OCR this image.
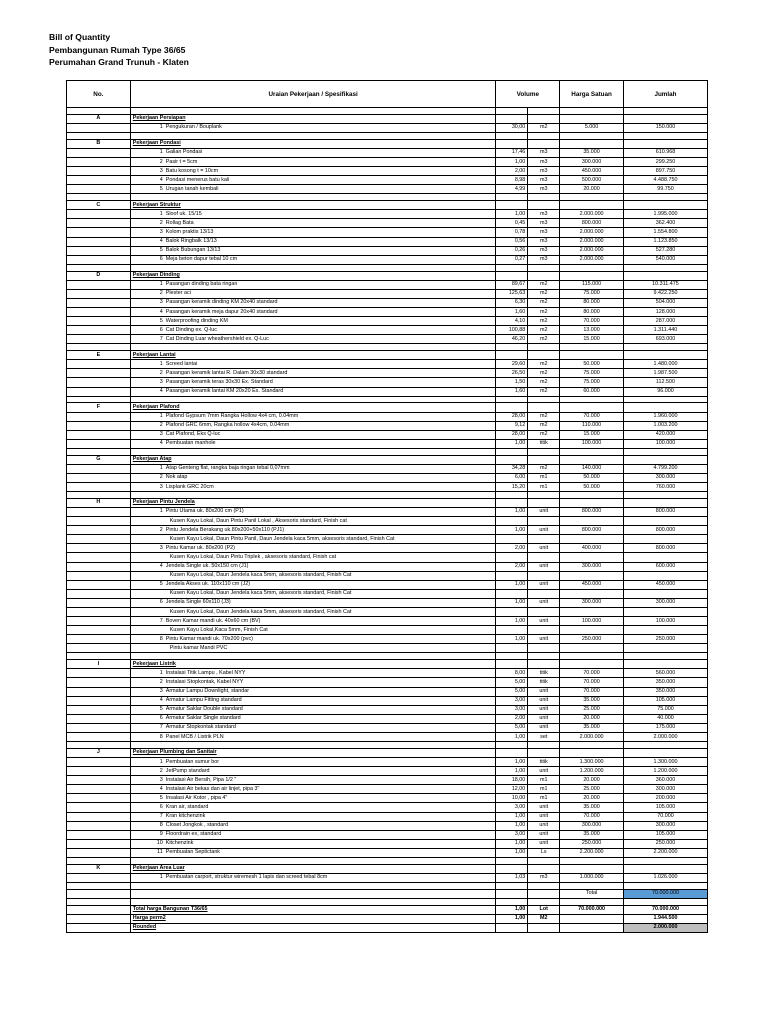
Bill of Quantity
Pembangunan Rumah Type 36/65
Perumahan Grand Trunuh - Klaten
No.	Uraian Pekerjaan / Spesifikasi	Volume		Harga Satuan	Jumlah

A	Pekerjaan Persiapan				
	1 Pengukuran / Bouplank	30,00	m2	5.000	150.000

B	Pekerjaan Pondasi				
	1 Galian Pondasi	17,46	m3	35.000	610.968
	2 Pasir t = 5cm	1,00	m3	300.000	299.250
	3 Batu kosong t = 10cm	2,00	m3	450.000	897.750
	4 Pondasi menerus batu kali	8,98	m3	500.000	4.488.750
	5 Urugan tanah kembali	4,99	m3	20.000	99.750

C	Pekerjaan Struktur				
	1 Sloof uk. 15/15	1,00	m3	2.000.000	1.995.000
	2 Rollag Bata	0,45	m3	800.000	362.400
	3 Kolom praktis 13/13	0,78	m3	2.000.000	1.554.800
	4 Balok Ringbalk 13/13	0,56	m3	2.000.000	1.123.850
	5 Balok Bubungan 13/13	0,26	m3	2.000.000	527.280
	6 Meja beton dapur tebal 10 cm	0,27	m3	2.000.000	540.000

D	Pekerjaan Dinding				
	1 Pasangan dinding bata ringan	89,67	m2	115.000	10.311.475
	2 Plester aci	125,63	m2	75.000	9.422.250
	3 Pasangan keramik dinding KM 20x40 standard	6,30	m2	80.000	504.000
	4 Pasangan keramik meja dapur 20x40 standard	1,60	m2	80.000	128.000
	5 Waterproofing dinding KM	4,10	m2	70.000	287.000
	6 Cat Dinding ex. Q-luc	100,88	m2	13.000	1.311.440
	7 Cat Dinding Luar wheathershield ex. Q-Luc	46,20	m2	15.000	693.000

E	Pekerjaan Lantai				
	1 Screed lantai	29,60	m2	50.000	1.480.000
	2 Pasangan keramik lantai R. Dalam 30x30 standard	26,50	m2	75.000	1.987.500
	3 Pasangan keramik teras 30x30 Ex. Standard	1,50	m2	75.000	112.500
	4 Pasangan keramik lantai KM 20x20 Ex. Standard	1,60	m2	60.000	96.000

F	Pekerjaan Plafond				
	1 Plafond Gypsum 7mm Rangka Hollow 4x4 cm, 0.04mm	28,00	m2	70.000	1.960.000
	2 Plafond GRC 6mm, Rangka hollow 4x4cm, 0.04mm	9,12	m2	110.000	1.003.200
	3 Cat Plafond, Eks Q-luc	28,00	m2	15.000	420.000
	4 Pembuatan manhole	1,00	titik	100.000	100.000

G	Pekerjaan Atap				
	1 Atap Genteng flat, rangka baja ringan tebal 0,07mm	34,28	m2	140.000	4.799.200
	2 Nok atap	6,00	m1	50.000	300.000
	3 Lisplank GRC 20cm	15,20	m1	50.000	760.000

H	Pekerjaan Pintu Jendela				
	1 Pintu Utama uk. 80x200 cm (P1)	1,00	unit	800.000	800.000
	Kusen Kayu Lokal, Daun Pintu Panil Lokal , Aksesoris standard, Finish cat				
	2 Pintu Jendela Berakang uk.80x200+50x110 (PJ1)	1,00	unit	800.000	800.000
	Kusen Kayu Lokal, Daun Pintu Panil, Daun Jendela kaca 5mm, aksesoris standard, Finish Cat				
	3 Pintu Kamar uk. 80x200 (P2)	2,00	unit	400.000	800.000
	Kusen Kayu Lokal, Daun Pintu Triplek , aksesoris standard, Finish cat				
	4 Jendela Single uk. 50x150 cm (J1)	2,00	unit	300.000	600.000
	Kusen Kayu Lokal, Daun Jendela kaca 5mm, aksesoris standard, Finish Cat				
	5 Jendela Akses uk. 110x110 cm (J2)	1,00	unit	450.000	450.000
	Kusen Kayu Lokal, Daun Jendela kaca 5mm, aksesoris standard, Finish Cat				
	6 Jendela Single 60x110 (J3)	1,00	unit	300.000	300.000
	Kusen Kayu Lokal, Daun Jendela kaca 5mm, aksesoris standard, Finish Cat				
	7 Boven Kamar mandi uk. 40x60 cm (BV)	1,00	unit	100.000	100.000
	Kusen Kayu Lokal,Kaca 5mm, Finish Cat				
	8 Pintu Kamar mandi uk. 70x200 (pvc)	1,00	unit	250.000	250.000
	Pintu kamar Mandi PVC				

I	Pekerjaan Listrik				
	1 Instalasi Titik Lampu , Kabel NYY	8,00	titik	70.000	560.000
	2 Instalasi Stopkontak, Kabel NYY	5,00	titik	70.000	350.000
	3 Armatur Lampu Downlight, standar	5,00	unit	70.000	350.000
	4 Armatur Lampu Fitting standard	3,00	unit	35.000	105.000
	5 Armatur Saklar Double standard	3,00	unit	25.000	75.000
	6 Armatur Saklar Single standard	2,00	unit	20.000	40.000
	7 Armatur Stopkontak standard	5,00	unit	35.000	175.000
	8 Panel MCB / Listrik PLN	1,00	set	2.000.000	2.000.000

J	Pekerjaan Plumbing dan Sanitair				
	1 Pembuatan sumur bor	1,00	titik	1.300.000	1.300.000
	2 JetPump standard	1,00	unit	1.200.000	1.200.000
	3 Instalasi Air Bersih, Pipa 1/2 "	18,00	m1	20.000	360.000
	4 Instalasi Air bekas dan air linjet, pipa 3"	12,00	m1	25.000	300.000
	5 Insalasi Air Kotor , pipa 4"	10,00	m1	20.000	200.000
	6 Kran air, standard	3,00	unit	35.000	105.000
	7 Kran kitchenzink	1,00	unit	70.000	70.000
	8 Closet Jongkok , standard	1,00	unit	300.000	300.000
	9 Floordrain ex, standard	3,00	unit	35.000	105.000
	10 Kitchenzink	1,00	unit	250.000	250.000
	11 Pembuatan Septictank	1,00	Ls	2.200.000	2.200.000

K	Pekerjaan Area Luar				
	1 Pembuatan carport, struktur wiremesh 1 lapis dan screed tebal 8cm	1,03	m3	1.000.000	1.026.000

				Total	70.000.000

	Total harga Bangunan T36/65	1,00	Lot	70.000.000	70.000.000
	Harga perm2	1,00	M2		1.944.500
	Rounded				2.000.000
